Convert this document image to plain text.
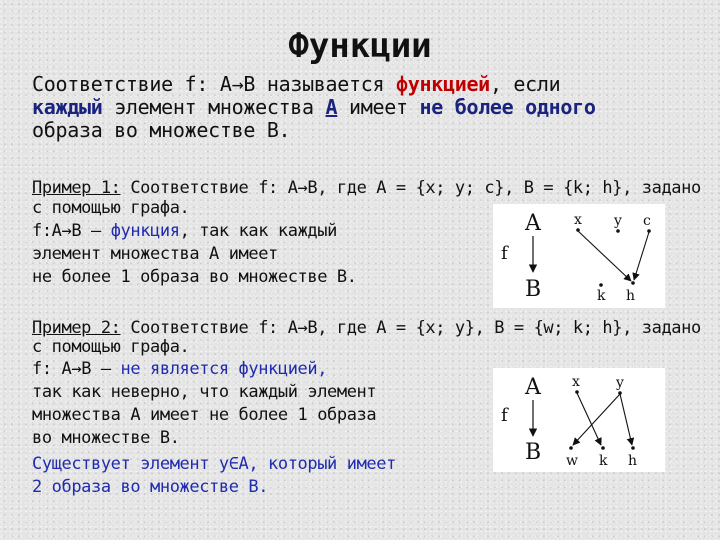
Функции
Соответствие f: A→B называется функцией, если
каждый элемент множества A имеет не более одного
образа во множестве B.
Пример 1: Соответствие f: A→B, где A = {x; y; c}, B = {k; h}, задано
с помощью графа.
f:A→B – функция, так как каждый
элемент множества A имеет
не более 1 образа во множестве B.
A
f
B
x y c
k h
Пример 2: Соответствие f: A→B, где A = {x; y}, B = {w; k; h}, задано
с помощью графа.
f: A→B – не является функцией,
так как неверно, что каждый элемент
множества A имеет не более 1 образа
во множестве B.
Существует элемент y∈A, который имеет
2 образа во множестве B.
A
f
B
x	y
w k h
